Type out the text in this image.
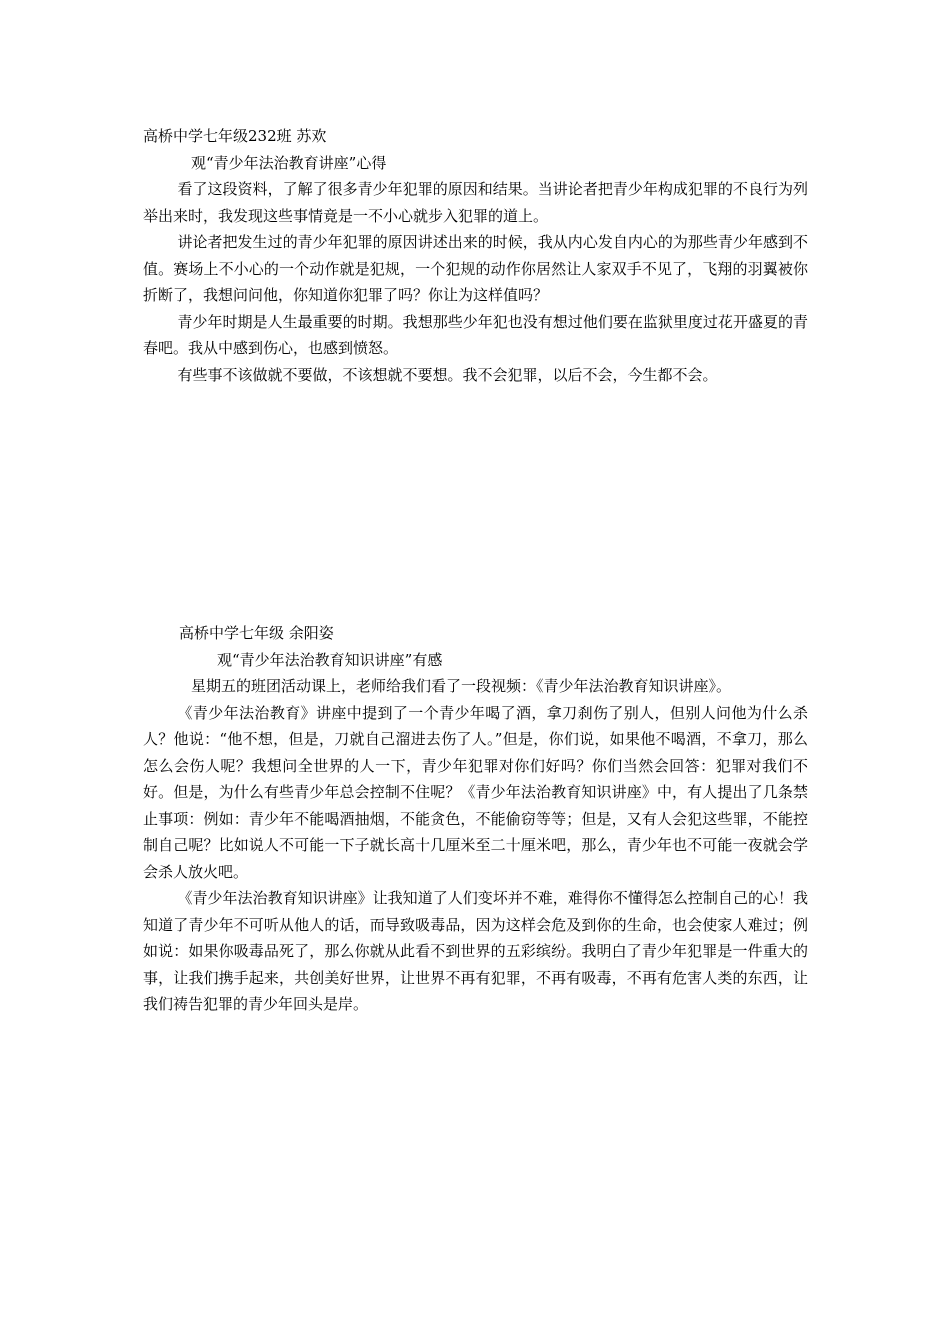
高桥中学七年级232班 苏欢

观“青少年法治教育讲座”心得

看了这段资料，了解了很多青少年犯罪的原因和结果。当讲论者把青少年构成犯罪的不良行为列举出来时，我发现这些事情竟是一不小心就步入犯罪的道上。

讲论者把发生过的青少年犯罪的原因讲述出来的时候，我从内心发自内心的为那些青少年感到不值。赛场上不小心的一个动作就是犯规，一个犯规的动作你居然让人家双手不见了，飞翔的羽翼被你折断了，我想问问他，你知道你犯罪了吗？你让为这样值吗？

青少年时期是人生最重要的时期。我想那些少年犯也没有想过他们要在监狱里度过花开盛夏的青春吧。我从中感到伤心，也感到愤怒。

有些事不该做就不要做，不该想就不要想。我不会犯罪，以后不会，今生都不会。

高桥中学七年级 余阳姿

观“青少年法治教育知识讲座”有感

星期五的班团活动课上，老师给我们看了一段视频：《青少年法治教育知识讲座》。

《青少年法治教育》讲座中提到了一个青少年喝了酒，拿刀刹伤了别人，但别人问他为什么杀人？他说：“他不想，但是，刀就自己溜进去伤了人。”但是，你们说，如果他不喝酒，不拿刀，那么怎么会伤人呢？我想问全世界的人一下，青少年犯罪对你们好吗？你们当然会回答：犯罪对我们不好。但是，为什么有些青少年总会控制不住呢？《青少年法治教育知识讲座》中，有人提出了几条禁止事项：例如：青少年不能喝酒抽烟，不能贪色，不能偷窃等等；但是，又有人会犯这些罪，不能控制自己呢？比如说人不可能一下子就长高十几厘米至二十厘米吧，那么，青少年也不可能一夜就会学会杀人放火吧。

《青少年法治教育知识讲座》让我知道了人们变坏并不难，难得你不懂得怎么控制自己的心！我知道了青少年不可听从他人的话，而导致吸毒品，因为这样会危及到你的生命，也会使家人难过；例如说：如果你吸毒品死了，那么你就从此看不到世界的五彩缤纷。我明白了青少年犯罪是一件重大的事，让我们携手起来，共创美好世界，让世界不再有犯罪，不再有吸毒，不再有危害人类的东西，让我们祷告犯罪的青少年回头是岸。
